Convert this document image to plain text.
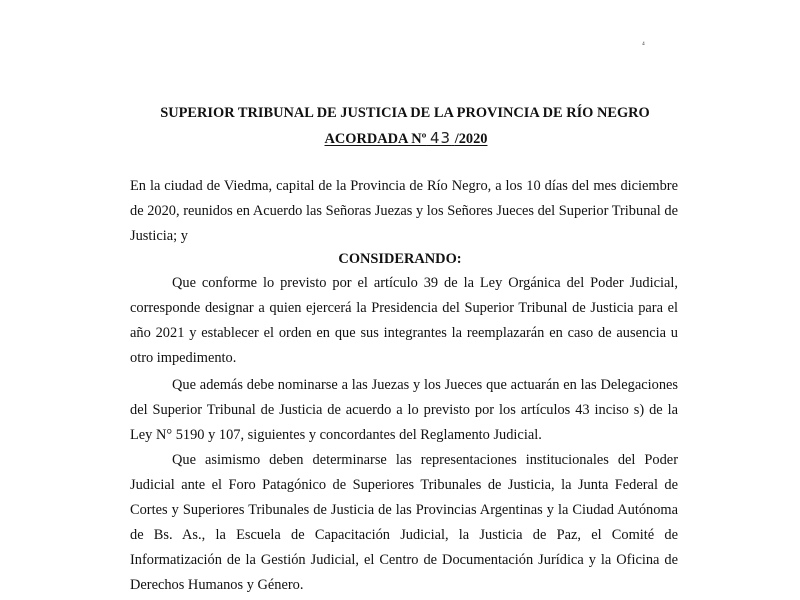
⁴
SUPERIOR TRIBUNAL DE JUSTICIA DE LA PROVINCIA DE RÍO NEGRO
ACORDADA Nº 43 /2020
En la ciudad de Viedma, capital de la Provincia de Río Negro, a los 10 días del mes diciembre de 2020, reunidos en Acuerdo las Señoras Juezas y los Señores Jueces del Superior Tribunal de Justicia; y
CONSIDERANDO:
Que conforme lo previsto por el artículo 39 de la Ley Orgánica del Poder Judicial, corresponde designar a quien ejercerá la Presidencia del Superior Tribunal de Justicia para el año 2021 y establecer el orden en que sus integrantes la reemplazarán en caso de ausencia u otro impedimento.
Que además debe nominarse a las Juezas y los Jueces que actuarán en las Delegaciones del Superior Tribunal de Justicia de acuerdo a lo previsto por los artículos 43 inciso s) de la Ley N° 5190 y 107, siguientes y concordantes del Reglamento Judicial.
Que asimismo deben determinarse las representaciones institucionales del Poder Judicial ante el Foro Patagónico de Superiores Tribunales de Justicia, la Junta Federal de Cortes y Superiores Tribunales de Justicia de las Provincias Argentinas y la Ciudad Autónoma de Bs. As., la Escuela de Capacitación Judicial, la Justicia de Paz, el Comité de Informatización de la Gestión Judicial, el Centro de Documentación Jurídica y la Oficina de Derechos Humanos y Género.
